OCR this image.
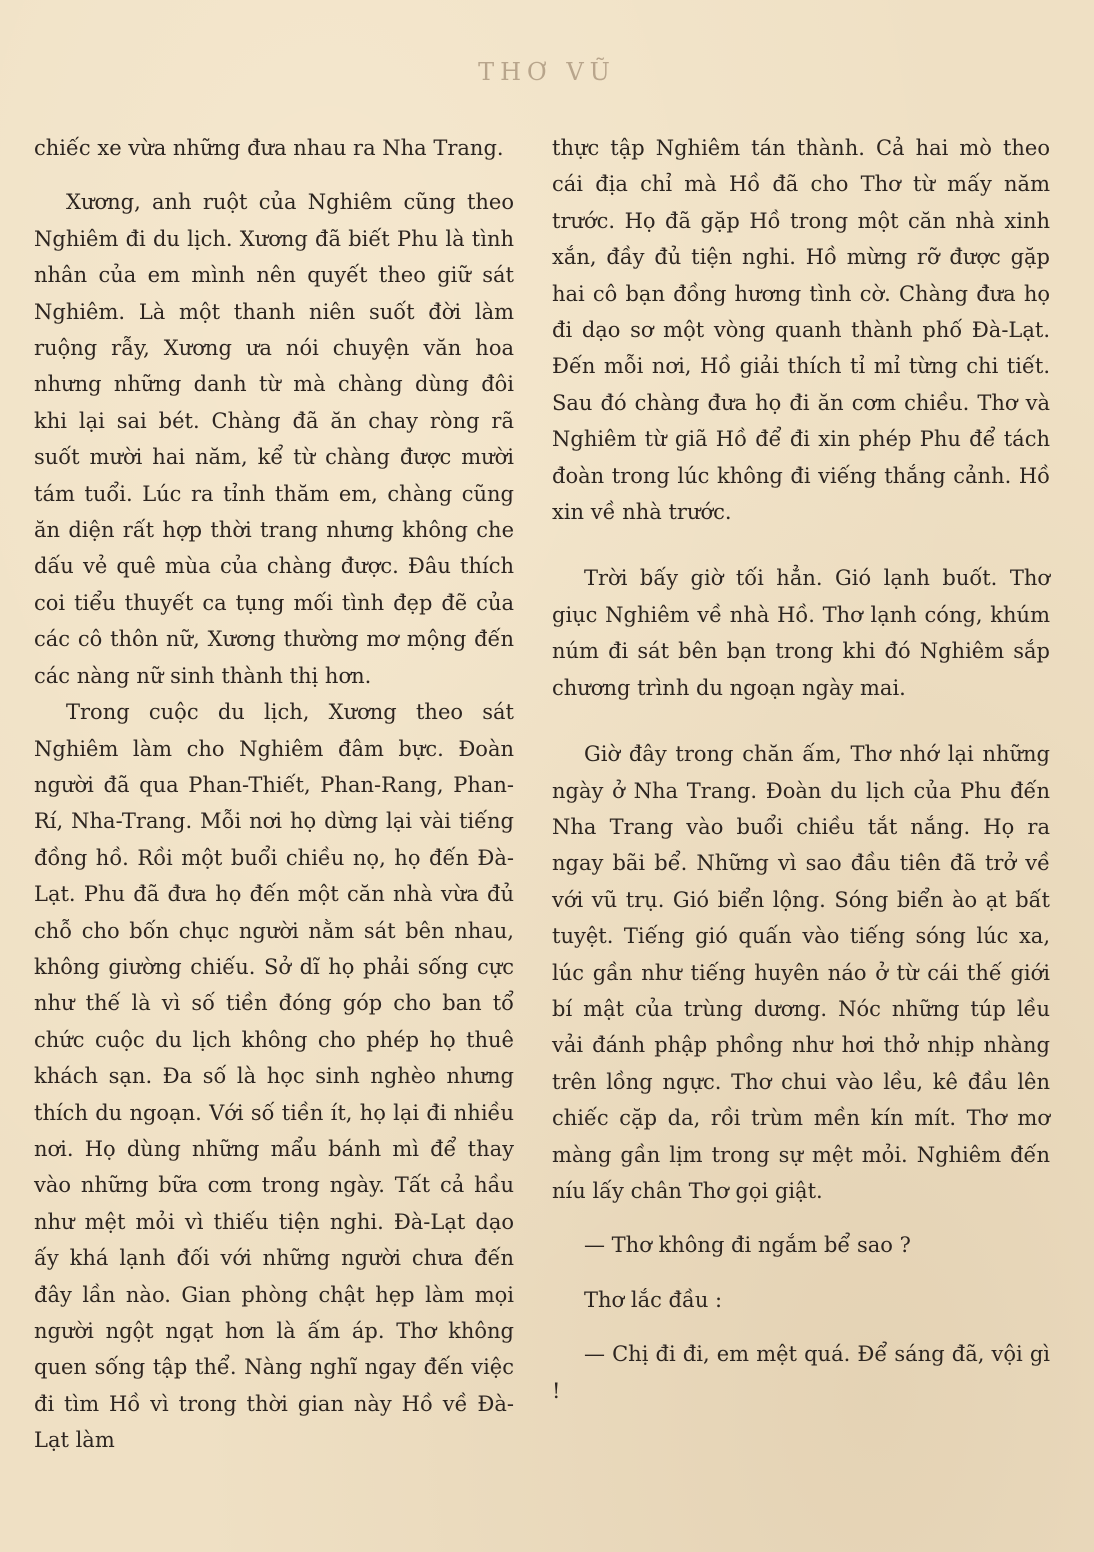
THƠ VŨ

chiếc xe vừa những đưa nhau ra Nha Trang.

Xương, anh ruột của Nghiêm cũng theo Nghiêm đi du lịch. Xương đã biết Phu là tình nhân của em mình nên quyết theo giữ sát Nghiêm. Là một thanh niên suốt đời làm ruộng rẫy, Xương ưa nói chuyện văn hoa nhưng những danh từ mà chàng dùng đôi khi lại sai bét. Chàng đã ăn chay ròng rã suốt mười hai năm, kể từ chàng được mười tám tuổi. Lúc ra tỉnh thăm em, chàng cũng ăn diện rất hợp thời trang nhưng không che dấu vẻ quê mùa của chàng được. Đâu thích coi tiểu thuyết ca tụng mối tình đẹp đẽ của các cô thôn nữ, Xương thường mơ mộng đến các nàng nữ sinh thành thị hơn.

Trong cuộc du lịch, Xương theo sát Nghiêm làm cho Nghiêm đâm bực. Đoàn người đã qua Phan-Thiết, Phan-Rang, Phan-Rí, Nha-Trang. Mỗi nơi họ dừng lại vài tiếng đồng hồ. Rồi một buổi chiều nọ, họ đến Đà-Lạt. Phu đã đưa họ đến một căn nhà vừa đủ chỗ cho bốn chục người nằm sát bên nhau, không giường chiếu. Sở dĩ họ phải sống cực như thế là vì số tiền đóng góp cho ban tổ chức cuộc du lịch không cho phép họ thuê khách sạn. Đa số là học sinh nghèo nhưng thích du ngoạn. Với số tiền ít, họ lại đi nhiều nơi. Họ dùng những mẩu bánh mì để thay vào những bữa cơm trong ngày. Tất cả hầu như mệt mỏi vì thiếu tiện nghi. Đà-Lạt dạo ấy khá lạnh đối với những người chưa đến đây lần nào. Gian phòng chật hẹp làm mọi người ngột ngạt hơn là ấm áp. Thơ không quen sống tập thể. Nàng nghĩ ngay đến việc đi tìm Hồ vì trong thời gian này Hồ về Đà-Lạt làm

thực tập Nghiêm tán thành. Cả hai mò theo cái địa chỉ mà Hồ đã cho Thơ từ mấy năm trước. Họ đã gặp Hồ trong một căn nhà xinh xắn, đầy đủ tiện nghi. Hồ mừng rỡ được gặp hai cô bạn đồng hương tình cờ. Chàng đưa họ đi dạo sơ một vòng quanh thành phố Đà-Lạt. Đến mỗi nơi, Hồ giải thích tỉ mỉ từng chi tiết. Sau đó chàng đưa họ đi ăn cơm chiều. Thơ và Nghiêm từ giã Hồ để đi xin phép Phu để tách đoàn trong lúc không đi viếng thắng cảnh. Hồ xin về nhà trước.

Trời bấy giờ tối hẳn. Gió lạnh buốt. Thơ giục Nghiêm về nhà Hồ. Thơ lạnh cóng, khúm núm đi sát bên bạn trong khi đó Nghiêm sắp chương trình du ngoạn ngày mai.

Giờ đây trong chăn ấm, Thơ nhớ lại những ngày ở Nha Trang. Đoàn du lịch của Phu đến Nha Trang vào buổi chiều tắt nắng. Họ ra ngay bãi bể. Những vì sao đầu tiên đã trở về với vũ trụ. Gió biển lộng. Sóng biển ào ạt bất tuyệt. Tiếng gió quấn vào tiếng sóng lúc xa, lúc gần như tiếng huyên náo ở từ cái thế giới bí mật của trùng dương. Nóc những túp lều vải đánh phập phồng như hơi thở nhịp nhàng trên lồng ngực. Thơ chui vào lều, kê đầu lên chiếc cặp da, rồi trùm mền kín mít. Thơ mơ màng gần lịm trong sự mệt mỏi. Nghiêm đến níu lấy chân Thơ gọi giật.

— Thơ không đi ngắm bể sao ?

Thơ lắc đầu :

— Chị đi đi, em mệt quá. Để sáng đã, vội gì !
